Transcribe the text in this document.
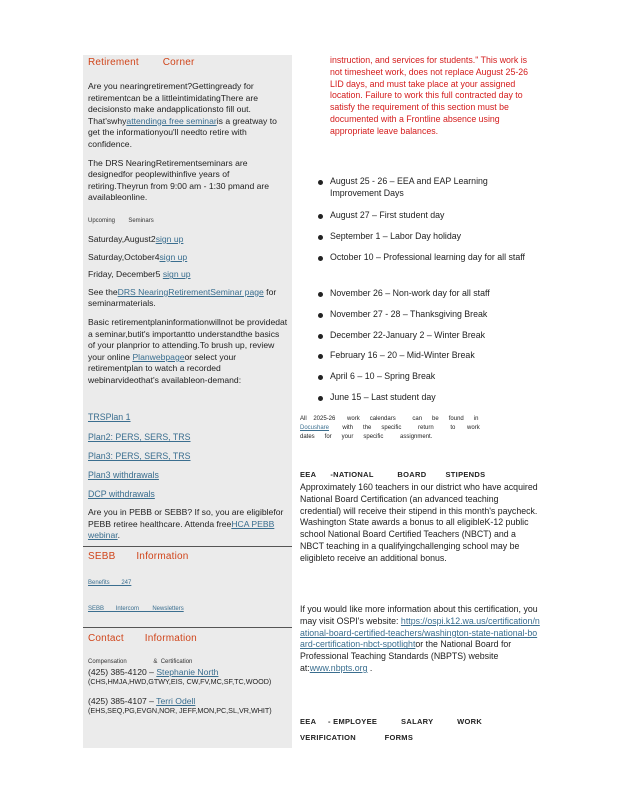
Retirement        Corner

Are you nearingretirement?Gettingready for retirementcan be a littleintimidatingThere are decisionsto make andapplicationsto fill out. That'swhyattendinga free seminaris a greatway to get the informationyou'll needto retire with confidence.

The DRS NearingRetirementseminars are designedfor peoplewithinfive years of retiring.Theyrun from 9:00 am - 1:30 pmand are availableonline.

Upcoming        Seminars

Saturday,August2sign up

Saturday,October4sign up

Friday, December5 sign up

See theDRS NearingRetirementSeminar page for seminarmaterials.

Basic retirementplaninformationwillnot be providedat a seminar,butit's importantto understandthe basics of your planprior to attending.To brush up, review your online Planwebpageor select your retirementplan to watch a recorded webinarvideothat's availableon-demand:

TRSPlan 1
Plan2: PERS, SERS, TRS
Plan3: PERS, SERS, TRS
Plan3 withdrawals
DCP withdrawals

Are you in PEBB or SEBB? If so, you are eligiblefor PEBB retiree healthcare. Attenda freeHCA PEBB webinar.

SEBB       Information
Benefits       247
SEBB       Intercom        Newsletters
Contact       Information
Compensation                &  Certification

(425) 385-4120 – Stephanie North

(CHS,HMJA,HWD,GTWY,EIS, CW,FV,MC,SF,TC,WOOD)

(425) 385-4107 – Terri Odell

(EHS,SEQ,PG,EVGN,NOR, JEFF,MON,PC,SL,VR,WHIT)

instruction, and services for students." This work is not timesheet work, does not replace August 25-26 LID days, and must take place at your assigned location. Failure to work this full contracted day to satisfy the requirement of this section must be documented with a Frontline absence using appropriate leave balances.
August 25 - 26 – EEA and EAP Learning Improvement Days
August 27 – First student day
September 1 – Labor Day holiday
October 10 – Professional learning day for all staff
November 26 – Non-work day for all staff
November 27 - 28 – Thanksgiving Break
December 22-January 2 – Winter Break
February 16 – 20 – Mid-Winter Break
April 6 – 10 – Spring Break
June 15 – Last student day
All    2025-26       work      calendars          can      be      found      in
Docushare        with      the      specific          return          to       work
dates      for      your      specific          assignment.
EEA      -NATIONAL          BOARD        STIPENDS
Approximately 160 teachers in our district who have acquired National Board Certification (an advanced teaching credential) will receive their stipend in this month's paycheck. Washington State awards a bonus to all eligibleK-12 public school National Board Certified Teachers (NBCT) and a NBCT teaching in a qualifyingchallenging school may be eligibleto receive an additional bonus.
If you would like more information about this certification, you may visit OSPI's website: https://ospi.k12.wa.us/certification/national-board-certified-teachers/washington-state-national-board-certification-nbct-spotlightor the National Board for Professional Teaching Standards (NBPTS) website at:www.nbpts.org .
EEA     - EMPLOYEE          SALARY          WORK
VERIFICATION            FORMS
